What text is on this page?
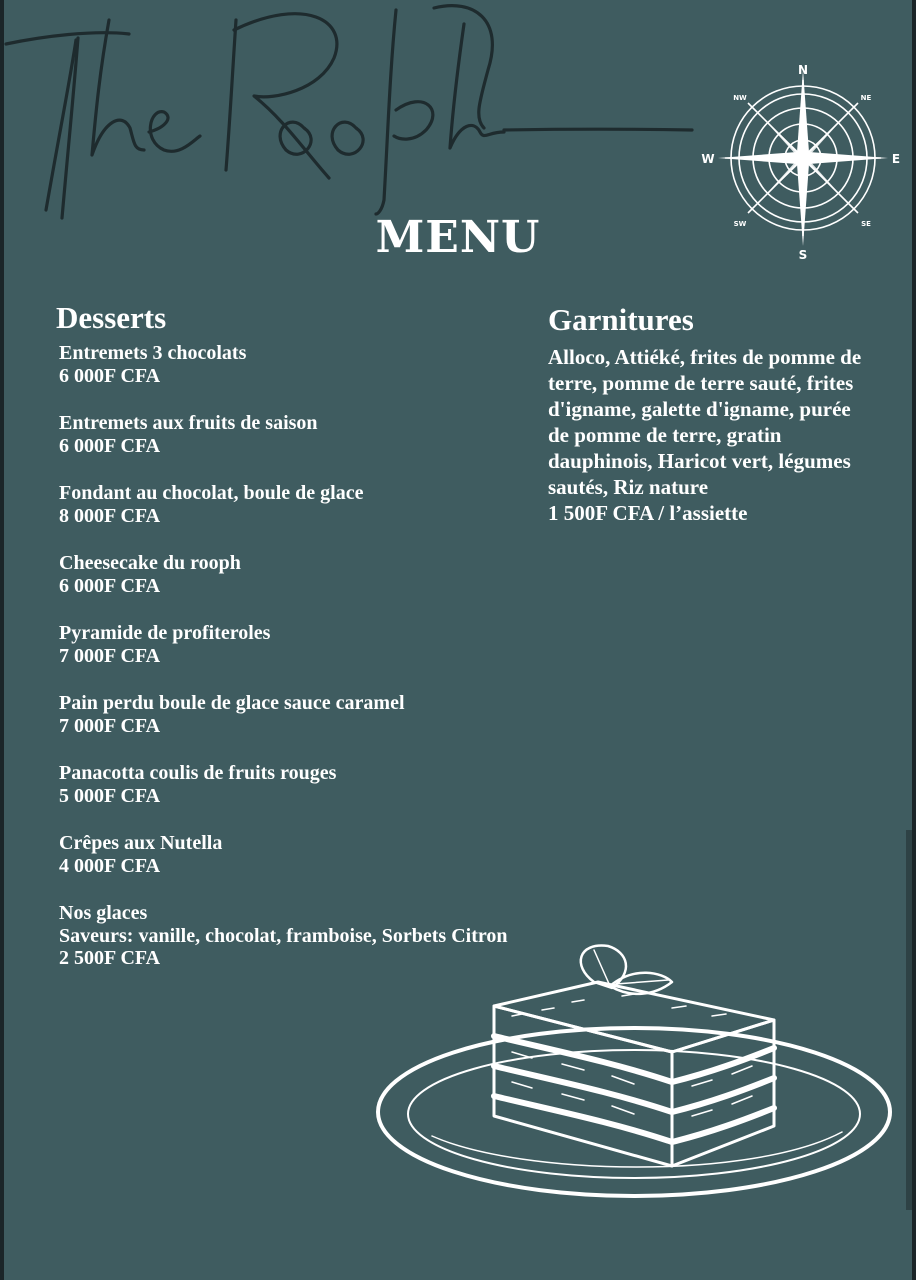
N
S
E
W
NE
NW
SE
SW
MENU
Desserts
Entremets 3 chocolats
6 000F CFA
Entremets aux fruits de saison
6 000F CFA
Fondant au chocolat, boule de glace
8 000F CFA
Cheesecake du rooph
6 000F CFA
Pyramide de profiteroles
7 000F CFA
Pain perdu boule de glace sauce caramel
7 000F CFA
Panacotta coulis de fruits rouges
5 000F CFA
Crêpes aux Nutella
4 000F CFA
Nos glaces
Saveurs: vanille, chocolat, framboise, Sorbets Citron
2 500F CFA
Garnitures
Alloco, Attiéké, frites de pomme de terre, pomme de terre sauté, frites d'igname, galette d'igname, purée de pomme de terre, gratin dauphinois, Haricot vert, légumes sautés, Riz nature
1 500F CFA / l’assiette
